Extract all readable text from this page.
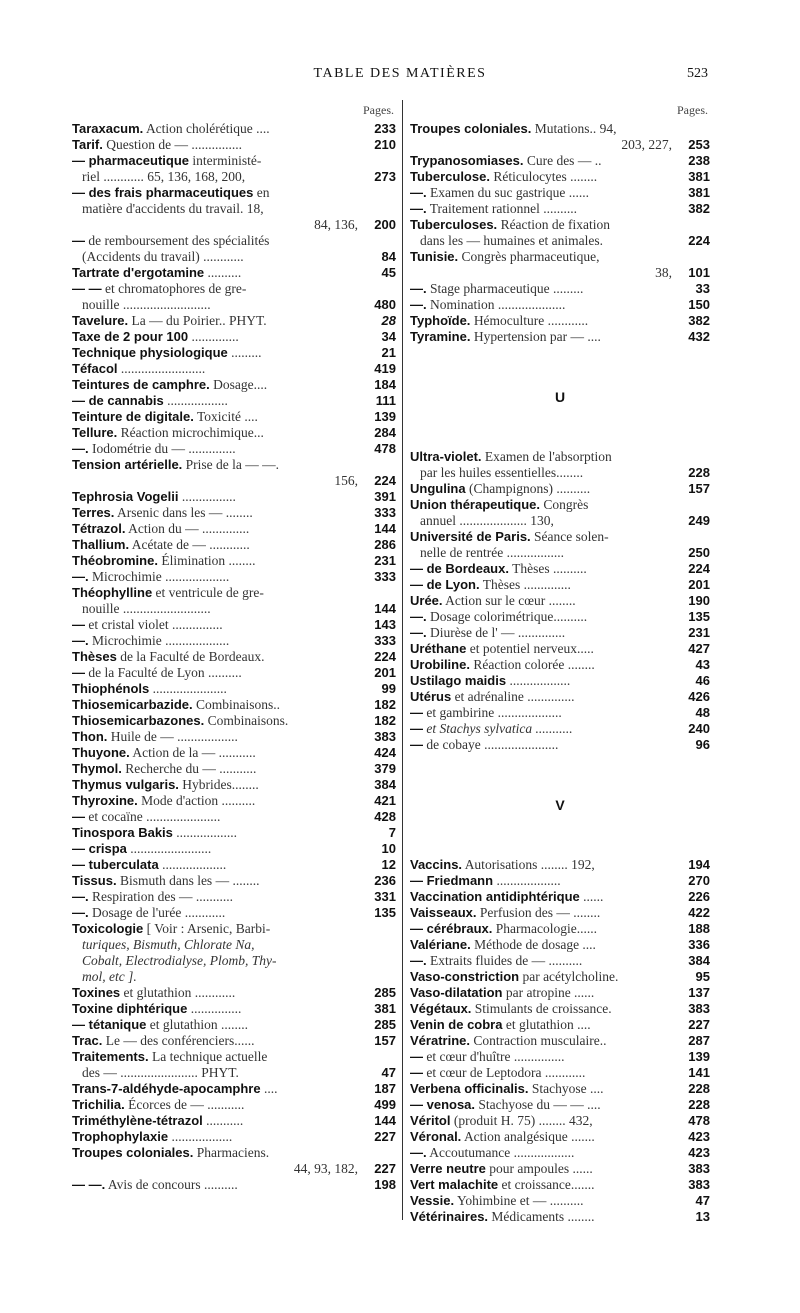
TABLE DES MATIÈRES	523
Pages.
Taraxacum. Action cholérétique ....	233
Tarif. Question de — ...............	210
— pharmaceutique interministé-
riel ............ 65, 136, 168, 200,	273
— des frais pharmaceutiques en
matière d'accidents du travail. 18,
84, 136,	200
— de remboursement des spécialités
(Accidents du travail) ............	84
Tartrate d'ergotamine ..........	45
— — et chromatophores de gre-
nouille ..........................	480
Tavelure. La — du Poirier.. PHYT.	28
Taxe de 2 pour 100 ..............	34
Technique physiologique .........	21
Téfacol .........................	419
Teintures de camphre. Dosage....	184
— de cannabis ..................	111
Teinture de digitale. Toxicité ....	139
Tellure. Réaction microchimique...	284
—. Iodométrie du — ..............	478
Tension artérielle. Prise de la — —.
156,	224
Tephrosia Vogelii ................	391
Terres. Arsenic dans les — ........	333
Tétrazol. Action du — ..............	144
Thallium. Acétate de — ............	286
Théobromine. Élimination ........	231
—. Microchimie ...................	333
Théophylline et ventricule de gre-
nouille ..........................	144
— et cristal violet ...............	143
—. Microchimie ...................	333
Thèses de la Faculté de Bordeaux.	224
— de la Faculté de Lyon ..........	201
Thiophénols ......................	99
Thiosemicarbazide. Combinaisons..	182
Thiosemicarbazones. Combinaisons.	182
Thon. Huile de — ..................	383
Thuyone. Action de la — ...........	424
Thymol. Recherche du — ...........	379
Thymus vulgaris. Hybrides........	384
Thyroxine. Mode d'action ..........	421
— et cocaïne ......................	428
Tinospora Bakis ..................	7
— crispa ........................	10
— tuberculata ...................	12
Tissus. Bismuth dans les — ........	236
—. Respiration des — ...........	331
—. Dosage de l'urée ............	135
Toxicologie [ Voir : Arsenic, Barbi-
turiques, Bismuth, Chlorate Na,
Cobalt, Electrodialyse, Plomb, Thy-
mol, etc ].
Toxines et glutathion ............	285
Toxine diphtérique ...............	381
— tétanique et glutathion ........	285
Trac. Le — des conférenciers......	157
Traitements. La technique actuelle
des — ....................... PHYT.	47
Trans-7-aldéhyde-apocamphre ....	187
Trichilia. Écorces de — ...........	499
Triméthylène-tétrazol ...........	144
Trophophylaxie ..................	227
Troupes coloniales. Pharmaciens.
44, 93, 182,	227
— —. Avis de concours ..........	198
Pages.
Troupes coloniales. Mutations.. 94,
203, 227,	253
Trypanosomiases. Cure des — ..	238
Tuberculose. Réticulocytes ........	381
—. Examen du suc gastrique ......	381
—. Traitement rationnel ..........	382
Tuberculoses. Réaction de fixation
dans les — humaines et animales.	224
Tunisie. Congrès pharmaceutique,
38,	101
—. Stage pharmaceutique .........	33
—. Nomination ....................	150
Typhoïde. Hémoculture ............	382
Tyramine. Hypertension par — ....	432
U
Ultra-violet. Examen de l'absorption
par les huiles essentielles........	228
Ungulina (Champignons) ..........	157
Union thérapeutique. Congrès
annuel .................... 130,	249
Université de Paris. Séance solen-
nelle de rentrée .................	250
— de Bordeaux. Thèses ..........	224
— de Lyon. Thèses ..............	201
Urée. Action sur le cœur ........	190
—. Dosage colorimétrique..........	135
—. Diurèse de l' — ..............	231
Uréthane et potentiel nerveux.....	427
Urobiline. Réaction colorée ........	43
Ustilago maidis ..................	46
Utérus et adrénaline ..............	426
— et gambirine ...................	48
— et Stachys sylvatica ...........	240
— de cobaye ......................	96
V
Vaccins. Autorisations ........ 192,	194
— Friedmann ...................	270
Vaccination antidiphtérique ......	226
Vaisseaux. Perfusion des — ........	422
— cérébraux. Pharmacologie......	188
Valériane. Méthode de dosage ....	336
—. Extraits fluides de — ..........	384
Vaso-constriction par acétylcholine.	95
Vaso-dilatation par atropine ......	137
Végétaux. Stimulants de croissance.	383
Venin de cobra et glutathion ....	227
Vératrine. Contraction musculaire..	287
— et cœur d'huître ...............	139
— et cœur de Leptodora ............	141
Verbena officinalis. Stachyose ....	228
— venosa. Stachyose du — — ....	228
Véritol (produit H. 75) ........ 432,	478
Véronal. Action analgésique .......	423
—. Accoutumance ..................	423
Verre neutre pour ampoules ......	383
Vert malachite et croissance.......	383
Vessie. Yohimbine et — ..........	47
Vétérinaires. Médicaments ........	13
